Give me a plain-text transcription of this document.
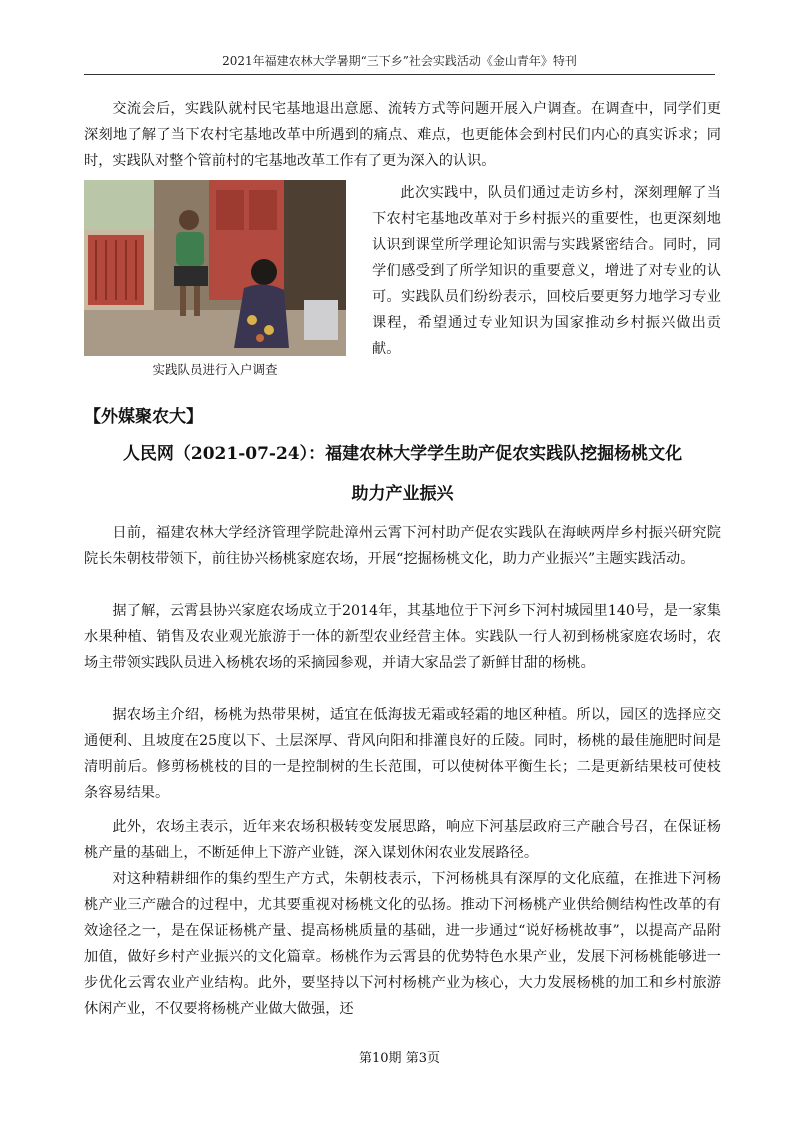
2021年福建农林大学暑期“三下乡”社会实践活动《金山青年》特刊

交流会后，实践队就村民宅基地退出意愿、流转方式等问题开展入户调查。在调查中，同学们更深刻地了解了当下农村宅基地改革中所遇到的痛点、难点，也更能体会到村民们内心的真实诉求；同时，实践队对整个管前村的宅基地改革工作有了更为深入的认识。

实践队员进行入户调查

此次实践中，队员们通过走访乡村，深刻理解了当下农村宅基地改革对于乡村振兴的重要性，也更深刻地认识到课堂所学理论知识需与实践紧密结合。同时，同学们感受到了所学知识的重要意义，增进了对专业的认可。实践队员们纷纷表示，回校后要更努力地学习专业课程，希望通过专业知识为国家推动乡村振兴做出贡献。

【外媒聚农大】
人民网（2021-07-24）：福建农林大学学生助产促农实践队挖掘杨桃文化
助力产业振兴

日前，福建农林大学经济管理学院赴漳州云霄下河村助产促农实践队在海峡两岸乡村振兴研究院院长朱朝枝带领下，前往协兴杨桃家庭农场，开展“挖掘杨桃文化，助力产业振兴”主题实践活动。

据了解，云霄县协兴家庭农场成立于2014年，其基地位于下河乡下河村城园里140号，是一家集水果种植、销售及农业观光旅游于一体的新型农业经营主体。实践队一行人初到杨桃家庭农场时，农场主带领实践队员进入杨桃农场的采摘园参观，并请大家品尝了新鲜甘甜的杨桃。

据农场主介绍，杨桃为热带果树，适宜在低海拔无霜或轻霜的地区种植。所以，园区的选择应交通便利、且坡度在25度以下、土层深厚、背风向阳和排灌良好的丘陵。同时，杨桃的最佳施肥时间是清明前后。修剪杨桃枝的目的一是控制树的生长范围，可以使树体平衡生长；二是更新结果枝可使枝条容易结果。

此外，农场主表示，近年来农场积极转变发展思路，响应下河基层政府三产融合号召，在保证杨桃产量的基础上，不断延伸上下游产业链，深入谋划休闲农业发展路径。

对这种精耕细作的集约型生产方式，朱朝枝表示，下河杨桃具有深厚的文化底蕴，在推进下河杨桃产业三产融合的过程中，尤其要重视对杨桃文化的弘扬。推动下河杨桃产业供给侧结构性改革的有效途径之一，是在保证杨桃产量、提高杨桃质量的基础，进一步通过“说好杨桃故事”，以提高产品附加值，做好乡村产业振兴的文化篇章。杨桃作为云霄县的优势特色水果产业，发展下河杨桃能够进一步优化云霄农业产业结构。此外，要坚持以下河村杨桃产业为核心，大力发展杨桃的加工和乡村旅游休闲产业，不仅要将杨桃产业做大做强，还

第10期 第3页
